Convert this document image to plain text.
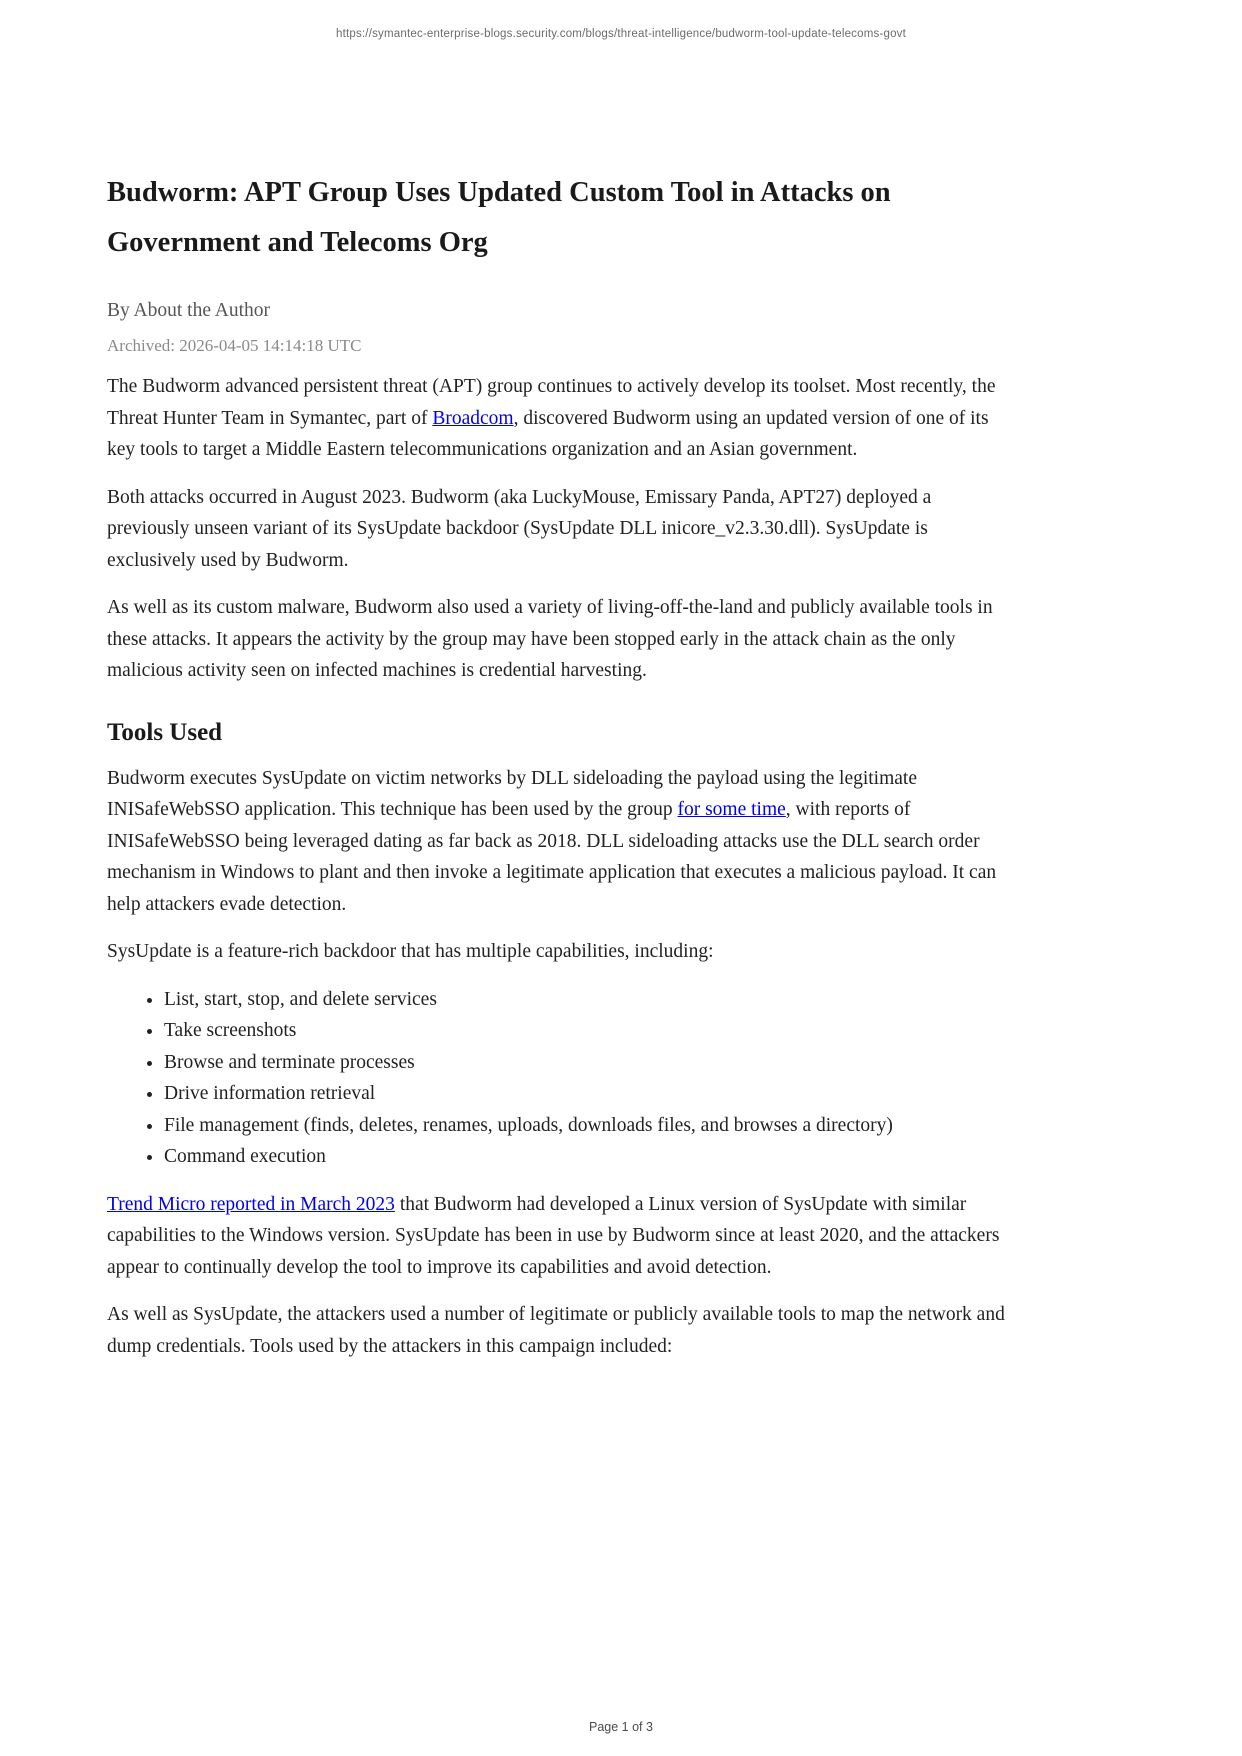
https://symantec-enterprise-blogs.security.com/blogs/threat-intelligence/budworm-tool-update-telecoms-govt
Budworm: APT Group Uses Updated Custom Tool in Attacks on Government and Telecoms Org
By About the Author
Archived: 2026-04-05 14:14:18 UTC

The Budworm advanced persistent threat (APT) group continues to actively develop its toolset. Most recently, the Threat Hunter Team in Symantec, part of Broadcom, discovered Budworm using an updated version of one of its key tools to target a Middle Eastern telecommunications organization and an Asian government.

Both attacks occurred in August 2023. Budworm (aka LuckyMouse, Emissary Panda, APT27) deployed a previously unseen variant of its SysUpdate backdoor (SysUpdate DLL inicore_v2.3.30.dll). SysUpdate is exclusively used by Budworm.

As well as its custom malware, Budworm also used a variety of living-off-the-land and publicly available tools in these attacks. It appears the activity by the group may have been stopped early in the attack chain as the only malicious activity seen on infected machines is credential harvesting.

Tools Used

Budworm executes SysUpdate on victim networks by DLL sideloading the payload using the legitimate INISafeWebSSO application. This technique has been used by the group for some time, with reports of INISafeWebSSO being leveraged dating as far back as 2018. DLL sideloading attacks use the DLL search order mechanism in Windows to plant and then invoke a legitimate application that executes a malicious payload. It can help attackers evade detection.

SysUpdate is a feature-rich backdoor that has multiple capabilities, including:

• List, start, stop, and delete services
• Take screenshots
• Browse and terminate processes
• Drive information retrieval
• File management (finds, deletes, renames, uploads, downloads files, and browses a directory)
• Command execution

Trend Micro reported in March 2023 that Budworm had developed a Linux version of SysUpdate with similar capabilities to the Windows version. SysUpdate has been in use by Budworm since at least 2020, and the attackers appear to continually develop the tool to improve its capabilities and avoid detection.

As well as SysUpdate, the attackers used a number of legitimate or publicly available tools to map the network and dump credentials. Tools used by the attackers in this campaign included:

Page 1 of 3
